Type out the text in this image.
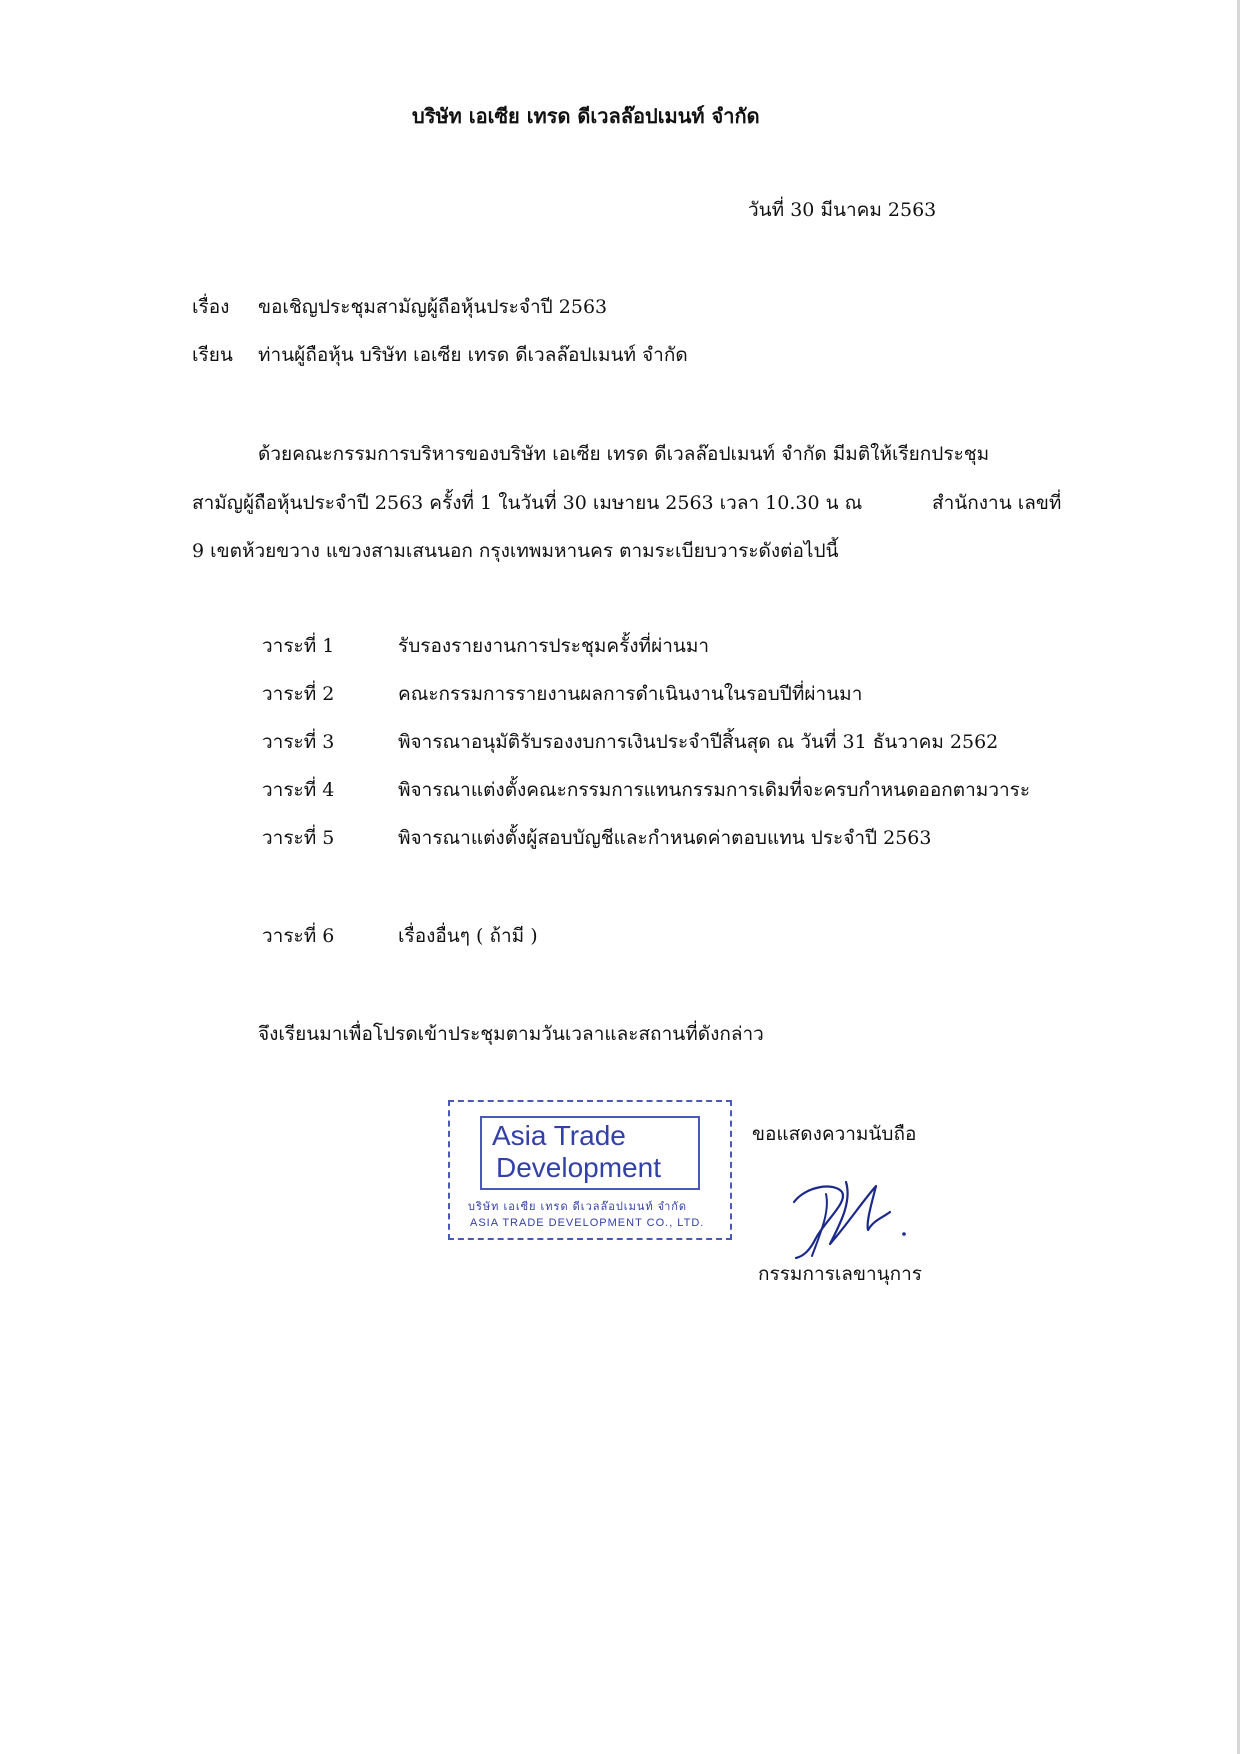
บริษัท เอเซีย เทรด ดีเวลล๊อปเมนท์ จำกัด
วันที่ 30 มีนาคม 2563
เรื่อง ขอเชิญประชุมสามัญผู้ถือหุ้นประจำปี 2563
เรียน ท่านผู้ถือหุ้น บริษัท เอเซีย เทรด ดีเวลล๊อปเมนท์ จำกัด
ด้วยคณะกรรมการบริหารของบริษัท เอเซีย เทรด ดีเวลล๊อปเมนท์ จำกัด มีมติให้เรียกประชุม
สามัญผู้ถือหุ้นประจำปี 2563 ครั้งที่ 1 ในวันที่ 30 เมษายน 2563 เวลา 10.30 น ณ	สำนักงาน เลขที่
9 เขตห้วยขวาง แขวงสามเสนนอก กรุงเทพมหานคร ตามระเบียบวาระดังต่อไปนี้
วาระที่ 1	รับรองรายงานการประชุมครั้งที่ผ่านมา
วาระที่ 2	คณะกรรมการรายงานผลการดำเนินงานในรอบปีที่ผ่านมา
วาระที่ 3	พิจารณาอนุมัติรับรองงบการเงินประจำปีสิ้นสุด ณ วันที่ 31 ธันวาคม 2562
วาระที่ 4	พิจารณาแต่งตั้งคณะกรรมการแทนกรรมการเดิมที่จะครบกำหนดออกตามวาระ
วาระที่ 5	พิจารณาแต่งตั้งผู้สอบบัญชีและกำหนดค่าตอบแทน ประจำปี 2563
วาระที่ 6	เรื่องอื่นๆ ( ถ้ามี )
จึงเรียนมาเพื่อโปรดเข้าประชุมตามวันเวลาและสถานที่ดังกล่าว
Asia Trade
Development
บริษัท เอเซีย เทรด ดีเวลล๊อปเมนท์ จำกัด
ASIA TRADE DEVELOPMENT CO., LTD.
ขอแสดงความนับถือ
กรรมการเลขานุการ
